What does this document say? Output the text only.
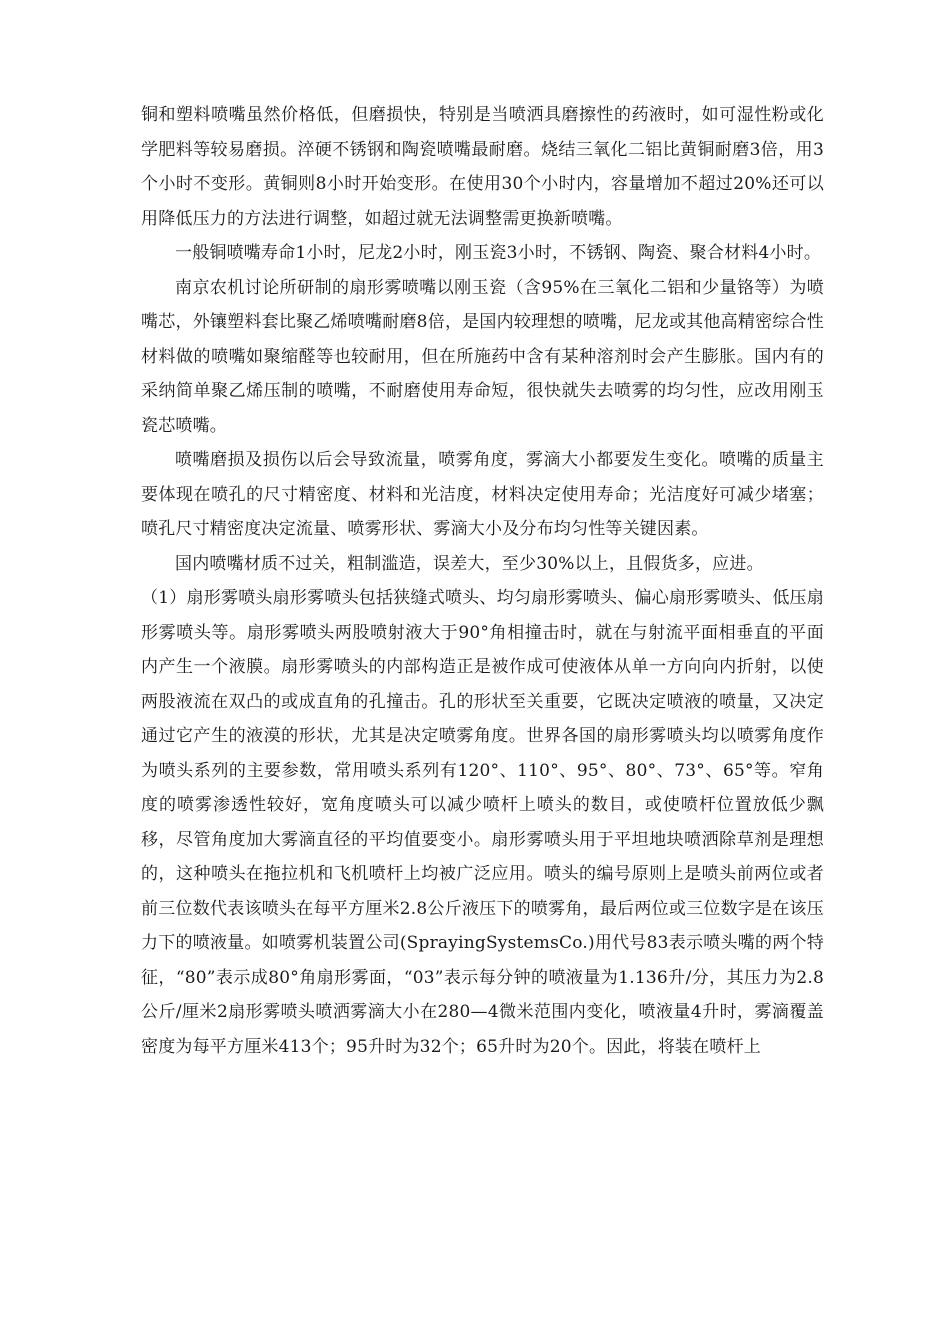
铜和塑料喷嘴虽然价格低，但磨损快，特别是当喷洒具磨擦性的药液时，如可湿性粉或化学肥料等较易磨损。淬硬不锈钢和陶瓷喷嘴最耐磨。烧结三氧化二铝比黄铜耐磨3倍，用3个小时不变形。黄铜则8小时开始变形。在使用30个小时内，容量增加不超过20%还可以用降低压力的方法进行调整，如超过就无法调整需更换新喷嘴。

一般铜喷嘴寿命1小时，尼龙2小时，刚玉瓷3小时，不锈钢、陶瓷、聚合材料4小时。

南京农机讨论所研制的扇形雾喷嘴以刚玉瓷（含95%在三氧化二铝和少量铬等）为喷嘴芯，外镶塑料套比聚乙烯喷嘴耐磨8倍，是国内较理想的喷嘴，尼龙或其他高精密综合性材料做的喷嘴如聚缩醛等也较耐用，但在所施药中含有某种溶剂时会产生膨胀。国内有的采纳简单聚乙烯压制的喷嘴，不耐磨使用寿命短，很快就失去喷雾的均匀性，应改用刚玉瓷芯喷嘴。

喷嘴磨损及损伤以后会导致流量，喷雾角度，雾滴大小都要发生变化。喷嘴的质量主要体现在喷孔的尺寸精密度、材料和光洁度，材料决定使用寿命；光洁度好可减少堵塞；喷孔尺寸精密度决定流量、喷雾形状、雾滴大小及分布均匀性等关键因素。

国内喷嘴材质不过关，粗制滥造，误差大，至少30%以上，且假货多，应进。

（1）扇形雾喷头扇形雾喷头包括狭缝式喷头、均匀扇形雾喷头、偏心扇形雾喷头、低压扇形雾喷头等。扇形雾喷头两股喷射液大于90°角相撞击时，就在与射流平面相垂直的平面内产生一个液膜。扇形雾喷头的内部构造正是被作成可使液体从单一方向向内折射，以使两股液流在双凸的或成直角的孔撞击。孔的形状至关重要，它既决定喷液的喷量，又决定通过它产生的液漠的形状，尤其是决定喷雾角度。世界各国的扇形雾喷头均以喷雾角度作为喷头系列的主要参数，常用喷头系列有120°、110°、95°、80°、73°、65°等。窄角度的喷雾渗透性较好，宽角度喷头可以减少喷杆上喷头的数目，或使喷杆位置放低少飘移，尽管角度加大雾滴直径的平均值要变小。扇形雾喷头用于平坦地块喷洒除草剂是理想的，这种喷头在拖拉机和飞机喷杆上均被广泛应用。喷头的编号原则上是喷头前两位或者前三位数代表该喷头在每平方厘米2.8公斤液压下的喷雾角，最后两位或三位数字是在该压力下的喷液量。如喷雾机装置公司(SprayingSystemsCo.)用代号83表示喷头嘴的两个特征，“80”表示成80°角扇形雾面，“03”表示每分钟的喷液量为1.136升/分，其压力为2.8公斤/厘米2扇形雾喷头喷洒雾滴大小在280—4微米范围内变化，喷液量4升时，雾滴覆盖密度为每平方厘米413个；95升时为32个；65升时为20个。因此，将装在喷杆上
